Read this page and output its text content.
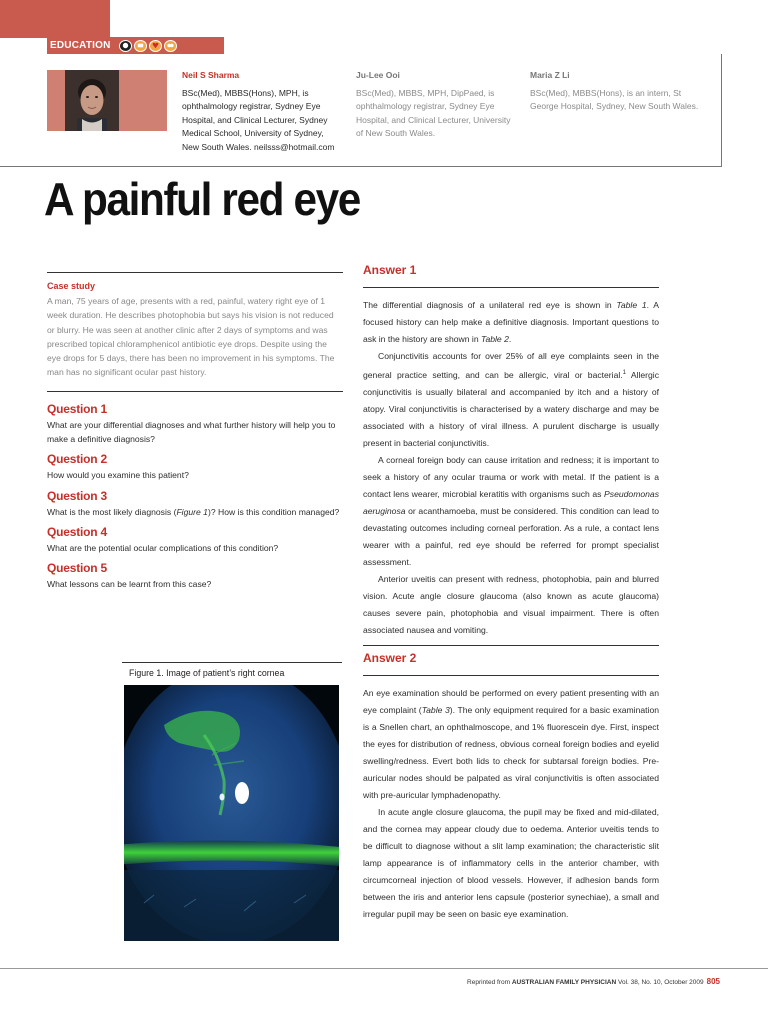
EDUCATION
Neil S Sharma
BSc(Med), MBBS(Hons), MPH, is ophthalmology registrar, Sydney Eye Hospital, and Clinical Lecturer, Sydney Medical School, University of Sydney, New South Wales. neilsss@hotmail.com
Ju-Lee Ooi
BSc(Med), MBBS, MPH, DipPaed, is ophthalmology registrar, Sydney Eye Hospital, and Clinical Lecturer, University of New South Wales.
Maria Z Li
BSc(Med), MBBS(Hons), is an intern, St George Hospital, Sydney, New South Wales.
A painful red eye
Case study
A man, 75 years of age, presents with a red, painful, watery right eye of 1 week duration. He describes photophobia but says his vision is not reduced or blurry. He was seen at another clinic after 2 days of symptoms and was prescribed topical chloramphenicol antibiotic eye drops. Despite using the eye drops for 5 days, there has been no improvement in his symptoms. The man has no significant ocular past history.
Question 1
What are your differential diagnoses and what further history will help you to make a definitive diagnosis?
Question 2
How would you examine this patient?
Question 3
What is the most likely diagnosis (Figure 1)? How is this condition managed?
Question 4
What are the potential ocular complications of this condition?
Question 5
What lessons can be learnt from this case?
Figure 1. Image of patient’s right cornea
Answer 1
The differential diagnosis of a unilateral red eye is shown in Table 1. A focused history can help make a definitive diagnosis. Important questions to ask in the history are shown in Table 2.
Conjunctivitis accounts for over 25% of all eye complaints seen in the general practice setting, and can be allergic, viral or bacterial.$^1$ Allergic conjunctivitis is usually bilateral and accompanied by itch and a history of atopy. Viral conjunctivitis is characterised by a watery discharge and may be associated with a history of viral illness. A purulent discharge is usually present in bacterial conjunctivitis.
A corneal foreign body can cause irritation and redness; it is important to seek a history of any ocular trauma or work with metal. If the patient is a contact lens wearer, microbial keratitis with organisms such as Pseudomonas aeruginosa or acanthamoeba, must be considered. This condition can lead to devastating outcomes including corneal perforation. As a rule, a contact lens wearer with a painful, red eye should be referred for prompt specialist assessment.
Anterior uveitis can present with redness, photophobia, pain and blurred vision. Acute angle closure glaucoma (also known as acute glaucoma) causes severe pain, photophobia and visual impairment. There is often associated nausea and vomiting.
Answer 2
An eye examination should be performed on every patient presenting with an eye complaint (Table 3). The only equipment required for a basic examination is a Snellen chart, an ophthalmoscope, and 1% fluorescein dye. First, inspect the eyes for distribution of redness, obvious corneal foreign bodies and eyelid swelling/redness. Evert both lids to check for subtarsal foreign bodies. Pre-auricular nodes should be palpated as viral conjunctivitis is often associated with pre-auricular lymphadenopathy.
In acute angle closure glaucoma, the pupil may be fixed and mid-dilated, and the cornea may appear cloudy due to oedema. Anterior uveitis tends to be difficult to diagnose without a slit lamp examination; the characteristic slit lamp appearance is of inflammatory cells in the anterior chamber, with circumcorneal injection of blood vessels. However, if adhesion bands form between the iris and anterior lens capsule (posterior synechiae), a small and irregular pupil may be seen on basic eye examination.
Reprinted from AUSTRALIAN FAMILY PHYSICIAN Vol. 38, No. 10, October 2009 805
